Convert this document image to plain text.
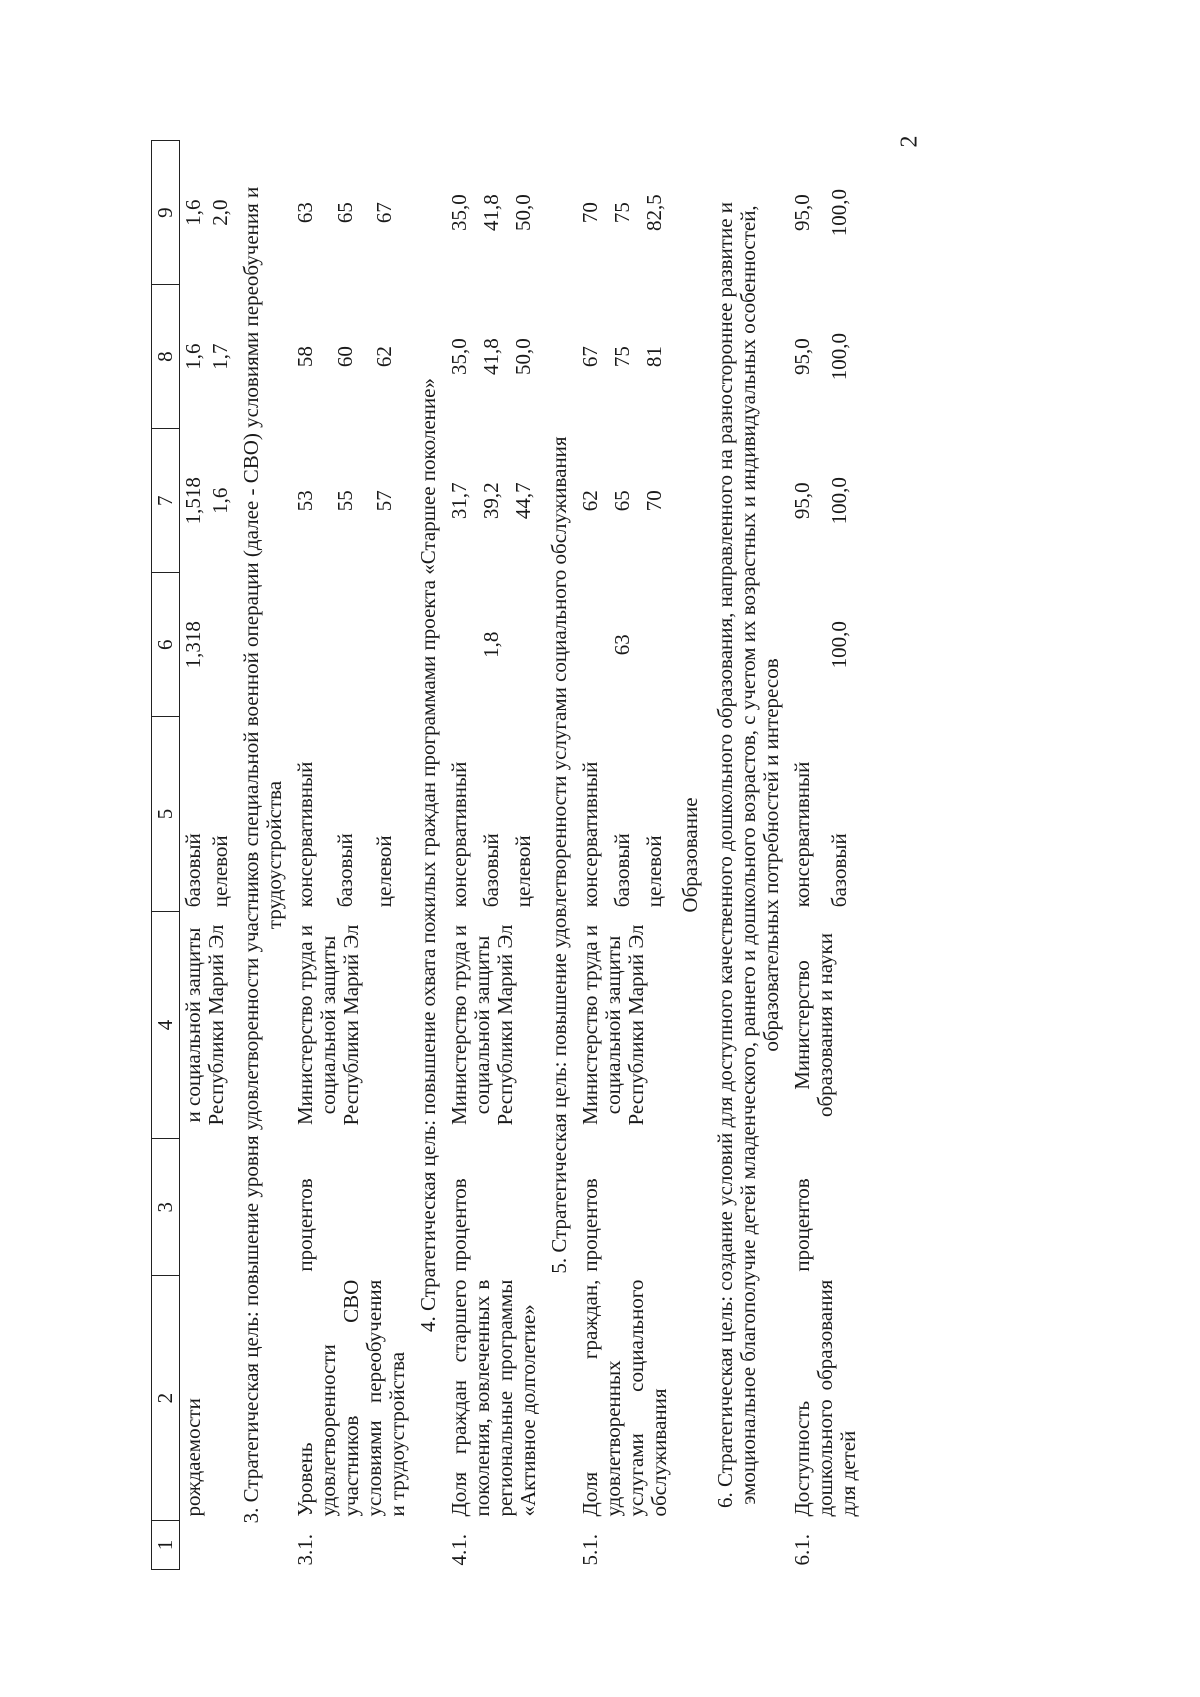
2
1	2	3	4	5	6	7	8	9
	рождаемости		и социальной защиты Республики Марий Эл	базовый	1,318	1,518	1,6	1,6
				целевой		1,6	1,7	2,0
3. Стратегическая цель: повышение уровня удовлетворенности участников специальной военной операции (далее - СВО) условиями переобучения и трудоустройства								
3.1.	Уровень удовлетворенности участников СВО условиями переобучения и трудоустройства	процентов	Министерство труда и социальной защиты Республики Марий Эл	консервативный		53	58	63
				базовый		55	60	65
				целевой		57	62	67
4. Стратегическая цель: повышение охвата пожилых граждан программами проекта «Старшее поколение»								
4.1.	Доля граждан старшего поколения, вовлеченных в региональные программы «Активное долголетие»	процентов	Министерство труда и социальной защиты Республики Марий Эл	консервативный		31,7	35,0	35,0
				базовый	1,8	39,2	41,8	41,8
				целевой		44,7	50,0	50,0
5. Стратегическая цель: повышение удовлетворенности услугами социального обслуживания								
5.1.	Доля граждан, удовлетворенных услугами социального обслуживания	процентов	Министерство труда и социальной защиты Республики Марий Эл	консервативный		62	67	70
				базовый	63	65	75	75
				целевой		70	81	82,5
Образование								
6. Стратегическая цель: создание условий для доступного качественного дошкольного образования, направленного на разностороннее развитие и эмоциональное благополучие детей младенческого, раннего и дошкольного возрастов, с учетом их возрастных и индивидуальных особенностей, образовательных потребностей и интересов								
6.1.	Доступность дошкольного образования для детей	процентов	Министерство образования и науки	консервативный		95,0	95,0	95,0
				базовый	100,0	100,0	100,0	100,0
